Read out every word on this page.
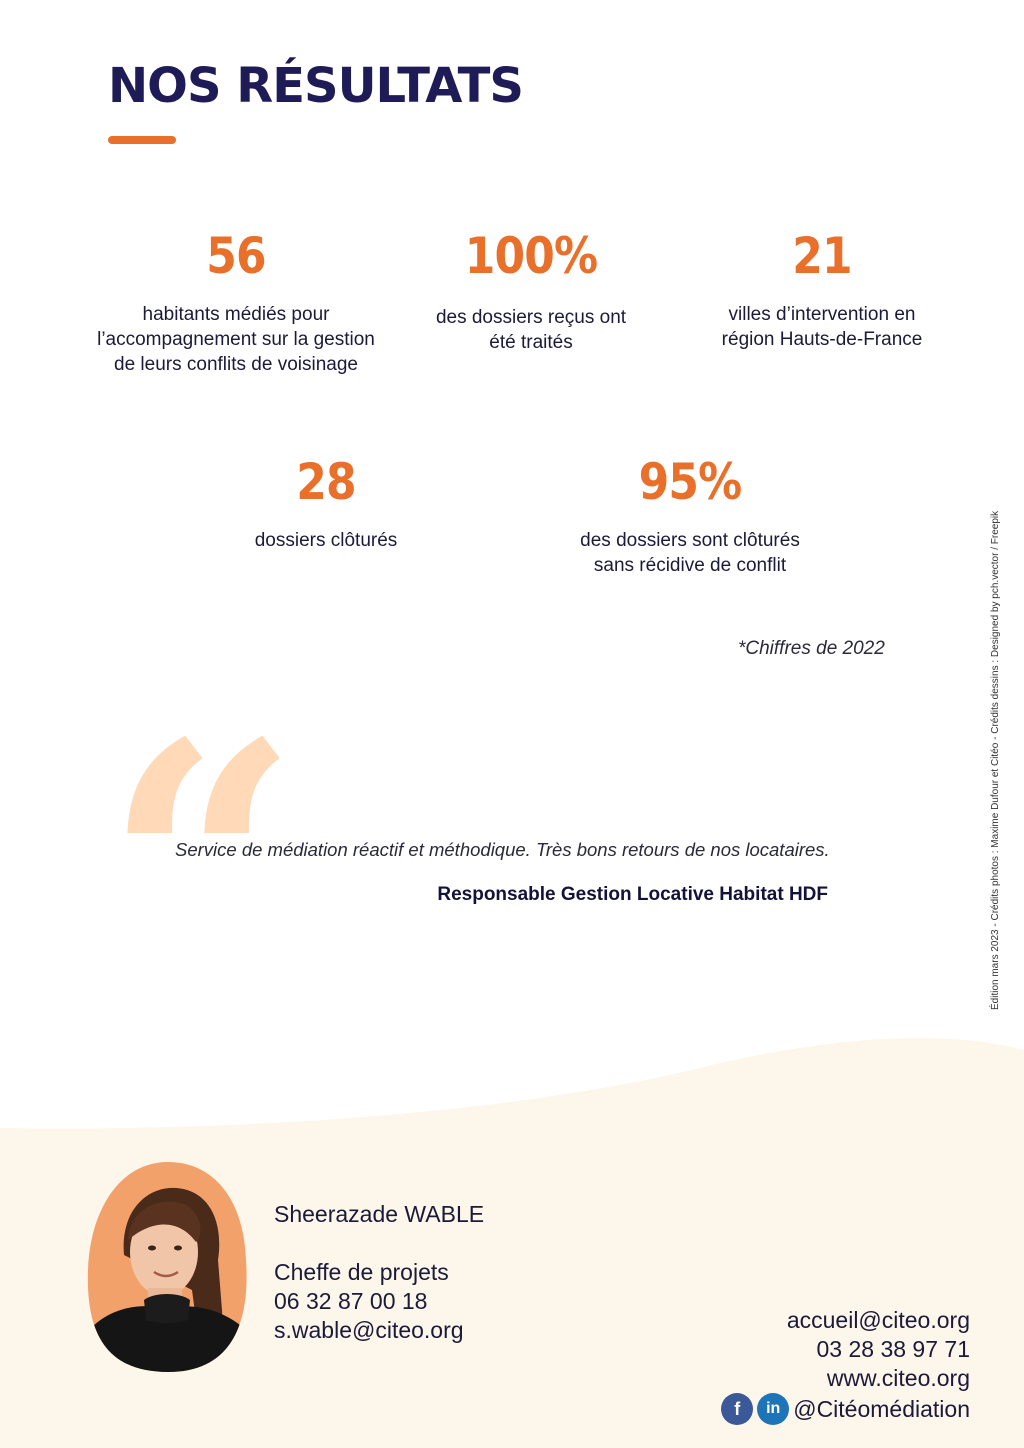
NOS RÉSULTATS
56
habitants médiés pour
l’accompagnement sur la gestion
de leurs conflits de voisinage
100%
des dossiers reçus ont
été traités
21
villes d’intervention en
région Hauts-de-France
28
dossiers clôturés
95%
des dossiers sont clôturés
sans récidive de conflit
*Chiffres de 2022
“
Service de médiation réactif et méthodique. Très bons retours de nos locataires.
Responsable Gestion Locative Habitat HDF	Édition mars 2023 - Crédits photos : Maxime Dufour et Citéo - Crédits dessins : Designed by pch.vector / Freepik
Sheerazade WABLE
Cheffe de projets
06 32 87 00 18
s.wable@citeo.org	accueil@citeo.org
03 28 38 97 71
www.citeo.org
f	in @Citéomédiation
